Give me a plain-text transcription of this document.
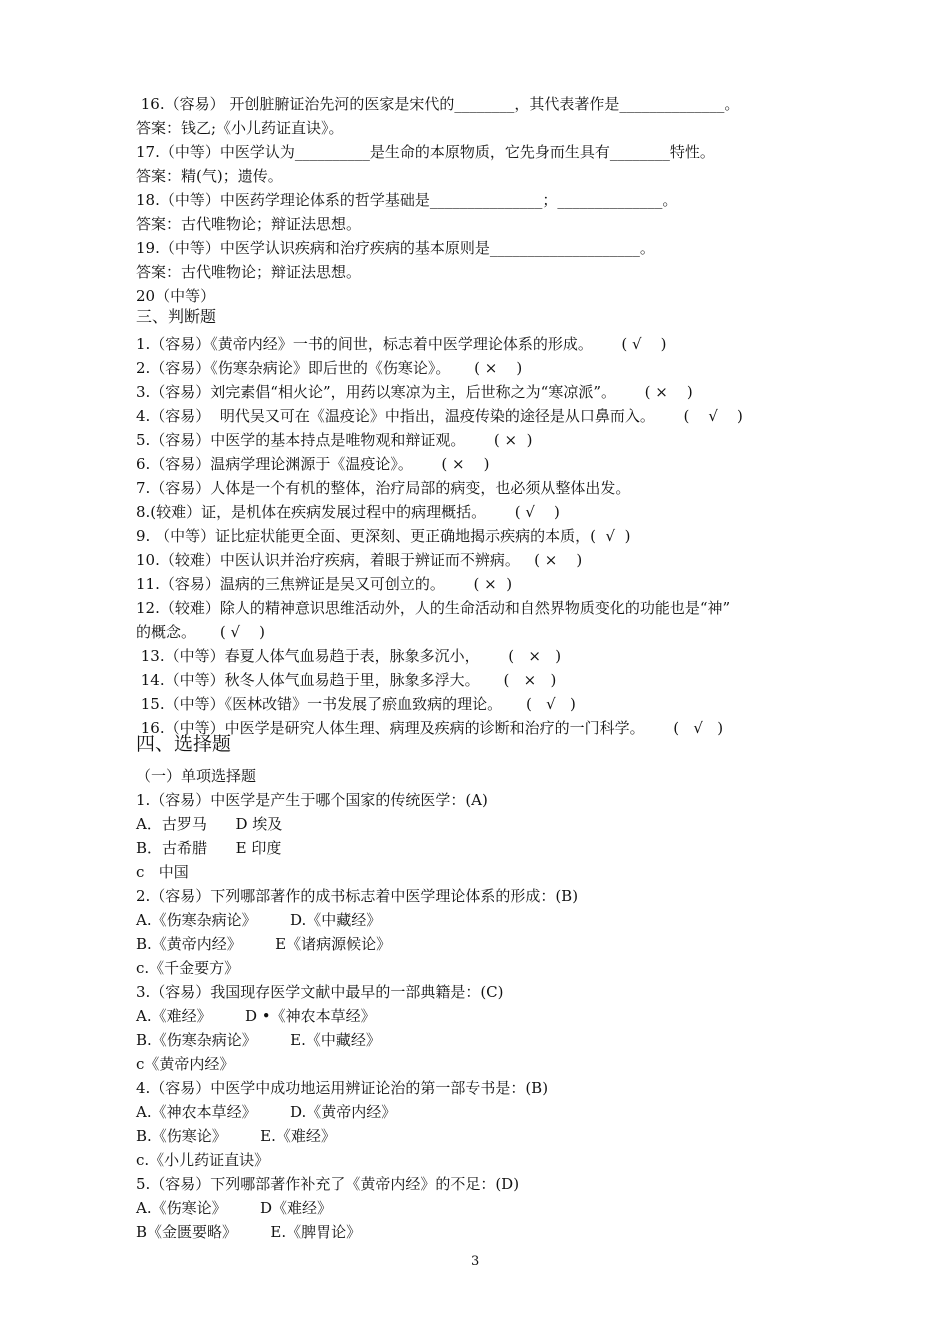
16.（容易） 开创脏腑证治先河的医家是宋代的________，其代表著作是______________。
答案：钱乙;《小儿药证直诀》。
17.（中等）中医学认为__________是生命的本原物质，它先身而生具有________特性。
答案：精(气)；遗传。
18.（中等）中医药学理论体系的哲学基础是_______________；______________。
答案：古代唯物论；辩证法思想。
19.（中等）中医学认识疾病和治疗疾病的基本原则是____________________。
答案：古代唯物论；辩证法思想。
20（中等）
三、判断题
1.（容易）《黄帝内经》一书的间世，标志着中医学理论体系的形成。      ( √    )
2.（容易）《伤寒杂病论》即后世的《伤寒论》。     ( ×    )
3.（容易）刘完素倡“相火论”，用药以寒凉为主，后世称之为“寒凉派”。      ( ×    )
4.（容易）  明代吴又可在《温疫论》中指出，温疫传染的途径是从口鼻而入。      (    √    )
5.（容易）中医学的基本持点是唯物观和辩证观。      ( ×  )
6.（容易）温病学理论渊源于《温疫论》。      ( ×    )
7.（容易）人体是一个有机的整体，治疗局部的病变，也必须从整体出发。
8.(较难）证，是机体在疾病发展过程中的病理概括。      ( √    )
9. （中等）证比症状能更全面、更深刻、更正确地揭示疾病的本质，(  √  )
10.（较难）中医认识并治疗疾病，着眼于辨证而不辨病。   ( ×    )
11.（容易）温病的三焦辨证是吴又可创立的。      ( ×  )
12.（较难）除人的精神意识思维活动外，人的生命活动和自然界物质变化的功能也是“神”
的概念。     ( √    )
13.（中等）春夏人体气血易趋于表，脉象多沉小，      (   ×   )
14.（中等）秋冬人体气血易趋于里，脉象多浮大。     (   ×   )
15.（中等）《医林改错》一书发展了瘀血致病的理论。     (   √   )
16.（中等）中医学是研究人体生理、病理及疾病的诊断和治疗的一门科学。      (   √   )
四、选择题
（一）单项选择题
1.（容易）中医学是产生于哪个国家的传统医学：(A)
A．古罗马      D 埃及
B．古希腊      E 印度
c   中国
2.（容易）下列哪部著作的成书标志着中医学理论体系的形成：(B)
A.《伤寒杂病论》       D.《中藏经》
B.《黄帝内经》       E《诸病源候论》
c.《千金要方》
3.（容易）我国现存医学文献中最早的一部典籍是：(C)
A.《难经》       D •《神农本草经》
B.《伤寒杂病论》       E.《中藏经》
c《黄帝内经》
4.（容易）中医学中成功地运用辨证论治的第一部专书是：(B)
A.《神农本草经》       D.《黄帝内经》
B.《伤寒论》       E.《难经》
c.《小儿药证直诀》
5.（容易）下列哪部著作补充了《黄帝内经》的不足：(D)
A.《伤寒论》       D《难经》
B《金匮要略》       E.《脾胃论》
3
